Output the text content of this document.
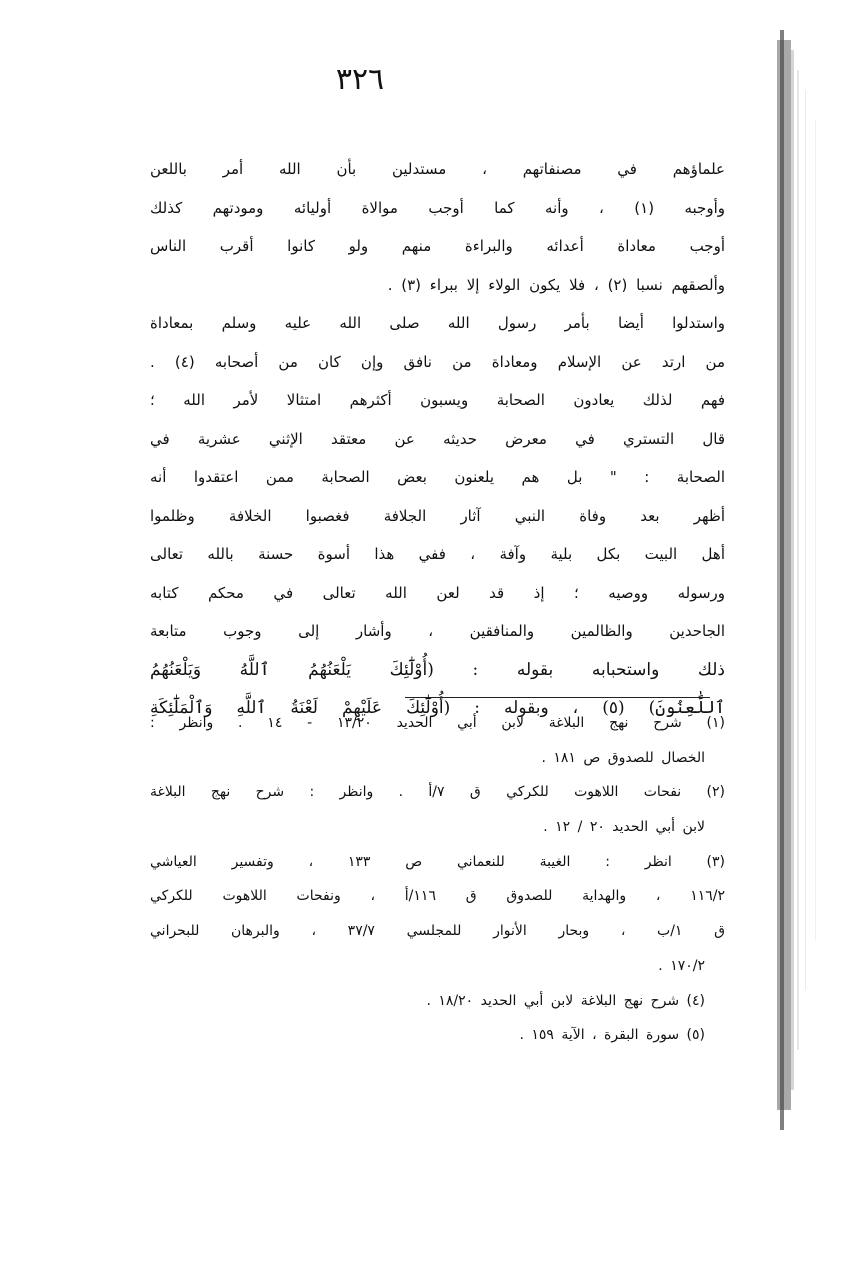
٣٢٦
علماؤهم في مصنفاتهم ، مستدلين بأن الله أمر باللعن
وأوجبه (١) ، وأنه كما أوجب موالاة أوليائه ومودتهم كذلك
أوجب معاداة أعدائه والبراءة منهم ولو كانوا أقرب الناس
وألصقهم نسبا (٢) ، فلا يكون الولاء إلا ببراء (٣) .
واستدلوا أيضا بأمر رسول الله صلى الله عليه وسلم بمعاداة
من ارتد عن الإسلام ومعاداة من نافق وإن كان من أصحابه (٤) .
فهم لذلك يعادون الصحابة ويسبون أكثرهم امتثالا لأمر الله ؛
قال التستري في معرض حديثه عن معتقد الإثني عشرية في
الصحابة : " بل هم يلعنون بعض الصحابة ممن اعتقدوا أنه
أظهر بعد وفاة النبي آثار الجلافة فغصبوا الخلافة وظلموا
أهل البيت بكل بلية وآفة ، ففي هذا أسوة حسنة بالله تعالى
ورسوله ووصيه ؛ إذ قد لعن الله تعالى في محكم كتابه
الجاحدين والظالمين والمنافقين ، وأشار إلى وجوب متابعة
ذلك واستحبابه بقوله : (أُوْلَٰٓئِكَ يَلْعَنُهُمُ ٱللَّهُ وَيَلْعَنُهُمُ
ٱللَّٰعِنُونَ) (٥) ، وبقوله : (أُوْلَٰٓئِكَ عَلَيْهِمْ لَعْنَةُ ٱللَّهِ وَٱلْمَلَٰٓئِكَةِ
(١) شرح نهج البلاغة لابن أبي الحديد ١٣/٢٠ - ١٤ . وانظر :
الخصال للصدوق ص ١٨١ .
(٢) نفحات اللاهوت للكركي ق ٧/أ . وانظر : شرح نهج البلاغة
لابن أبي الحديد ٢٠ / ١٢ .
(٣) انظر : الغيبة للنعماني ص ١٣٣ ، وتفسير العياشي
١١٦/٢ ، والهداية للصدوق ق ١١٦/أ ، ونفحات اللاهوت للكركي
ق ١/ب ، وبحار الأنوار للمجلسي ٣٧/٧ ، والبرهان للبحراني
١٧٠/٢ .
(٤) شرح نهج البلاغة لابن أبي الحديد ١٨/٢٠ .
(٥) سورة البقرة ، الآية ١٥٩ .
